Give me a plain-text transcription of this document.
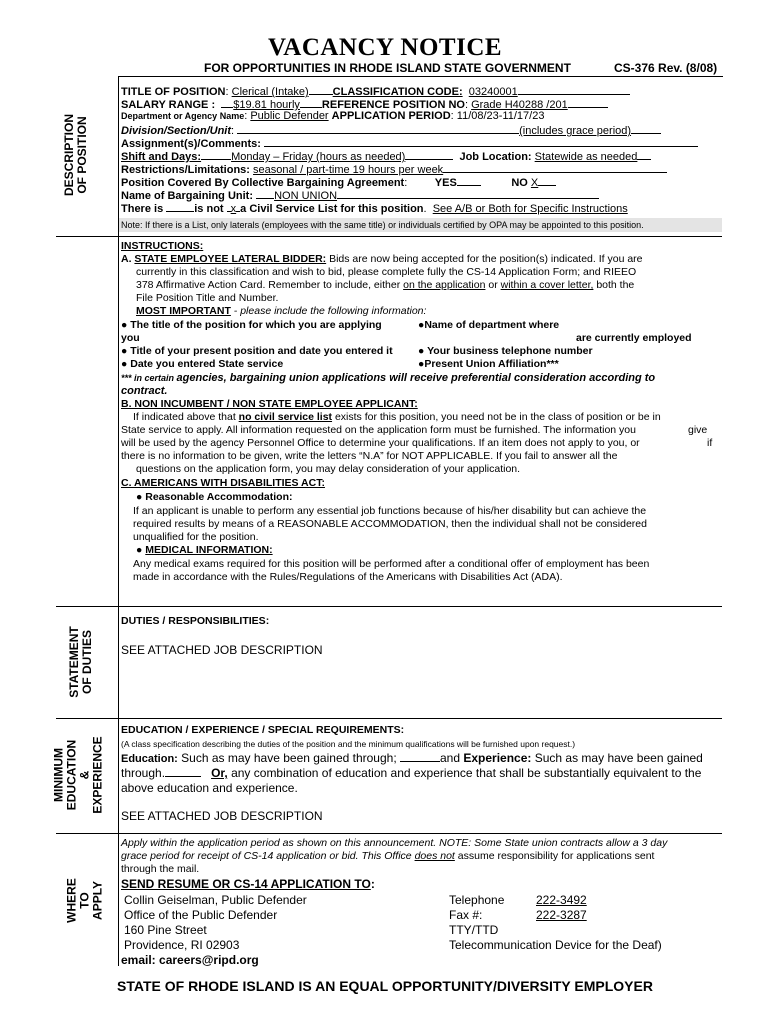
VACANCY NOTICE
FOR OPPORTUNITIES IN RHODE ISLAND STATE GOVERNMENT	CS-376 Rev. (8/08)
DESCRIPTION OF POSITION
STATEMENT OF DUTIES
MINIMUM EDUCATION & EXPERIENCE
WHERE TO APPLY
TITLE OF POSITION: Clerical (Intake) CLASSIFICATION CODE: 03240001
SALARY RANGE : $19.81 hourly REFERENCE POSITION NO: Grade H40288 /201
Department or Agency Name: Public Defender APPLICATION PERIOD: 11/08/23-11/17/23
Division/Section/Unit:	(includes grace period)
Assignment(s)/Comments:
Shift and Days:	Monday – Friday (hours as needed)	Job Location: Statewide as needed
Restrictions/Limitations: seasonal / part-time 19 hours per week
Position Covered By Collective Bargaining Agreement:         YES	NO X
Name of Bargaining Unit: NON UNION
There is	is not x a Civil Service List for this position.  See A/B or Both for Specific Instructions
Note: If there is a List, only laterals (employees with the same title) or individuals certified by OPA may be appointed to this position.
INSTRUCTIONS:
A. STATE EMPLOYEE LATERAL BIDDER: Bids are now being accepted for the position(s) indicated. If you are
currently in this classification and wish to bid, please complete fully the CS-14 Application Form; and RIEEO
378 Affirmative Action Card. Remember to include, either on the application or within a cover letter, both the
File Position Title and Number.
MOST IMPORTANT - please include the following information:
● The title of the position for which you are applying	●Name of department where
you	are currently employed
● Title of your present position and date you entered it ● Your business telephone number
● Date you entered State service	●Present Union Affiliation***
*** in certain agencies, bargaining union applications will receive preferential consideration according to
contract.
B. NON INCUMBENT / NON STATE EMPLOYEE APPLICANT:
If indicated above that no civil service list exists for this position, you need not be in the class of position or be in
State service to apply. All information requested on the application form must be furnished. The information you	give
will be used by the agency Personnel Office to determine your qualifications. If an item does not apply to you, or	if
there is no information to be given, write the letters “N.A” for NOT APPLICABLE. If you fail to answer all the
questions on the application form, you may delay consideration of your application.
C. AMERICANS WITH DISABILITIES ACT:
● Reasonable Accommodation:
If an applicant is unable to perform any essential job functions because of his/her disability but can achieve the
required results by means of a REASONABLE ACCOMMODATION, then the individual shall not be considered
unqualified for the position.
● MEDICAL INFORMATION:
Any medical exams required for this position will be performed after a conditional offer of employment has been
made in accordance with the Rules/Regulations of the Americans with Disabilities Act (ADA).
DUTIES / RESPONSIBILITIES:
SEE ATTACHED JOB DESCRIPTION
EDUCATION / EXPERIENCE / SPECIAL REQUIREMENTS:
(A class specification describing the duties of the position and the minimum qualifications will be furnished upon request.)
Education: Such as may have been gained through;	and Experience: Such as may have been gained
through.	Or, any combination of education and experience that shall be substantially equivalent to the
above education and experience.
SEE ATTACHED JOB DESCRIPTION
Apply within the application period as shown on this announcement. NOTE: Some State union contracts allow a 3 day
grace period for receipt of CS-14 application or bid. This Office does not assume responsibility for applications sent
through the mail.
SEND RESUME OR CS-14 APPLICATION TO:
Collin Geiselman, Public Defender
Office of the Public Defender
160 Pine Street
Providence, RI 02903
email: careers@ripd.org
Telephone	222-3492
Fax #:	222-3287
TTY/TTD
Telecommunication Device for the Deaf)
STATE OF RHODE ISLAND IS AN EQUAL OPPORTUNITY/DIVERSITY EMPLOYER
